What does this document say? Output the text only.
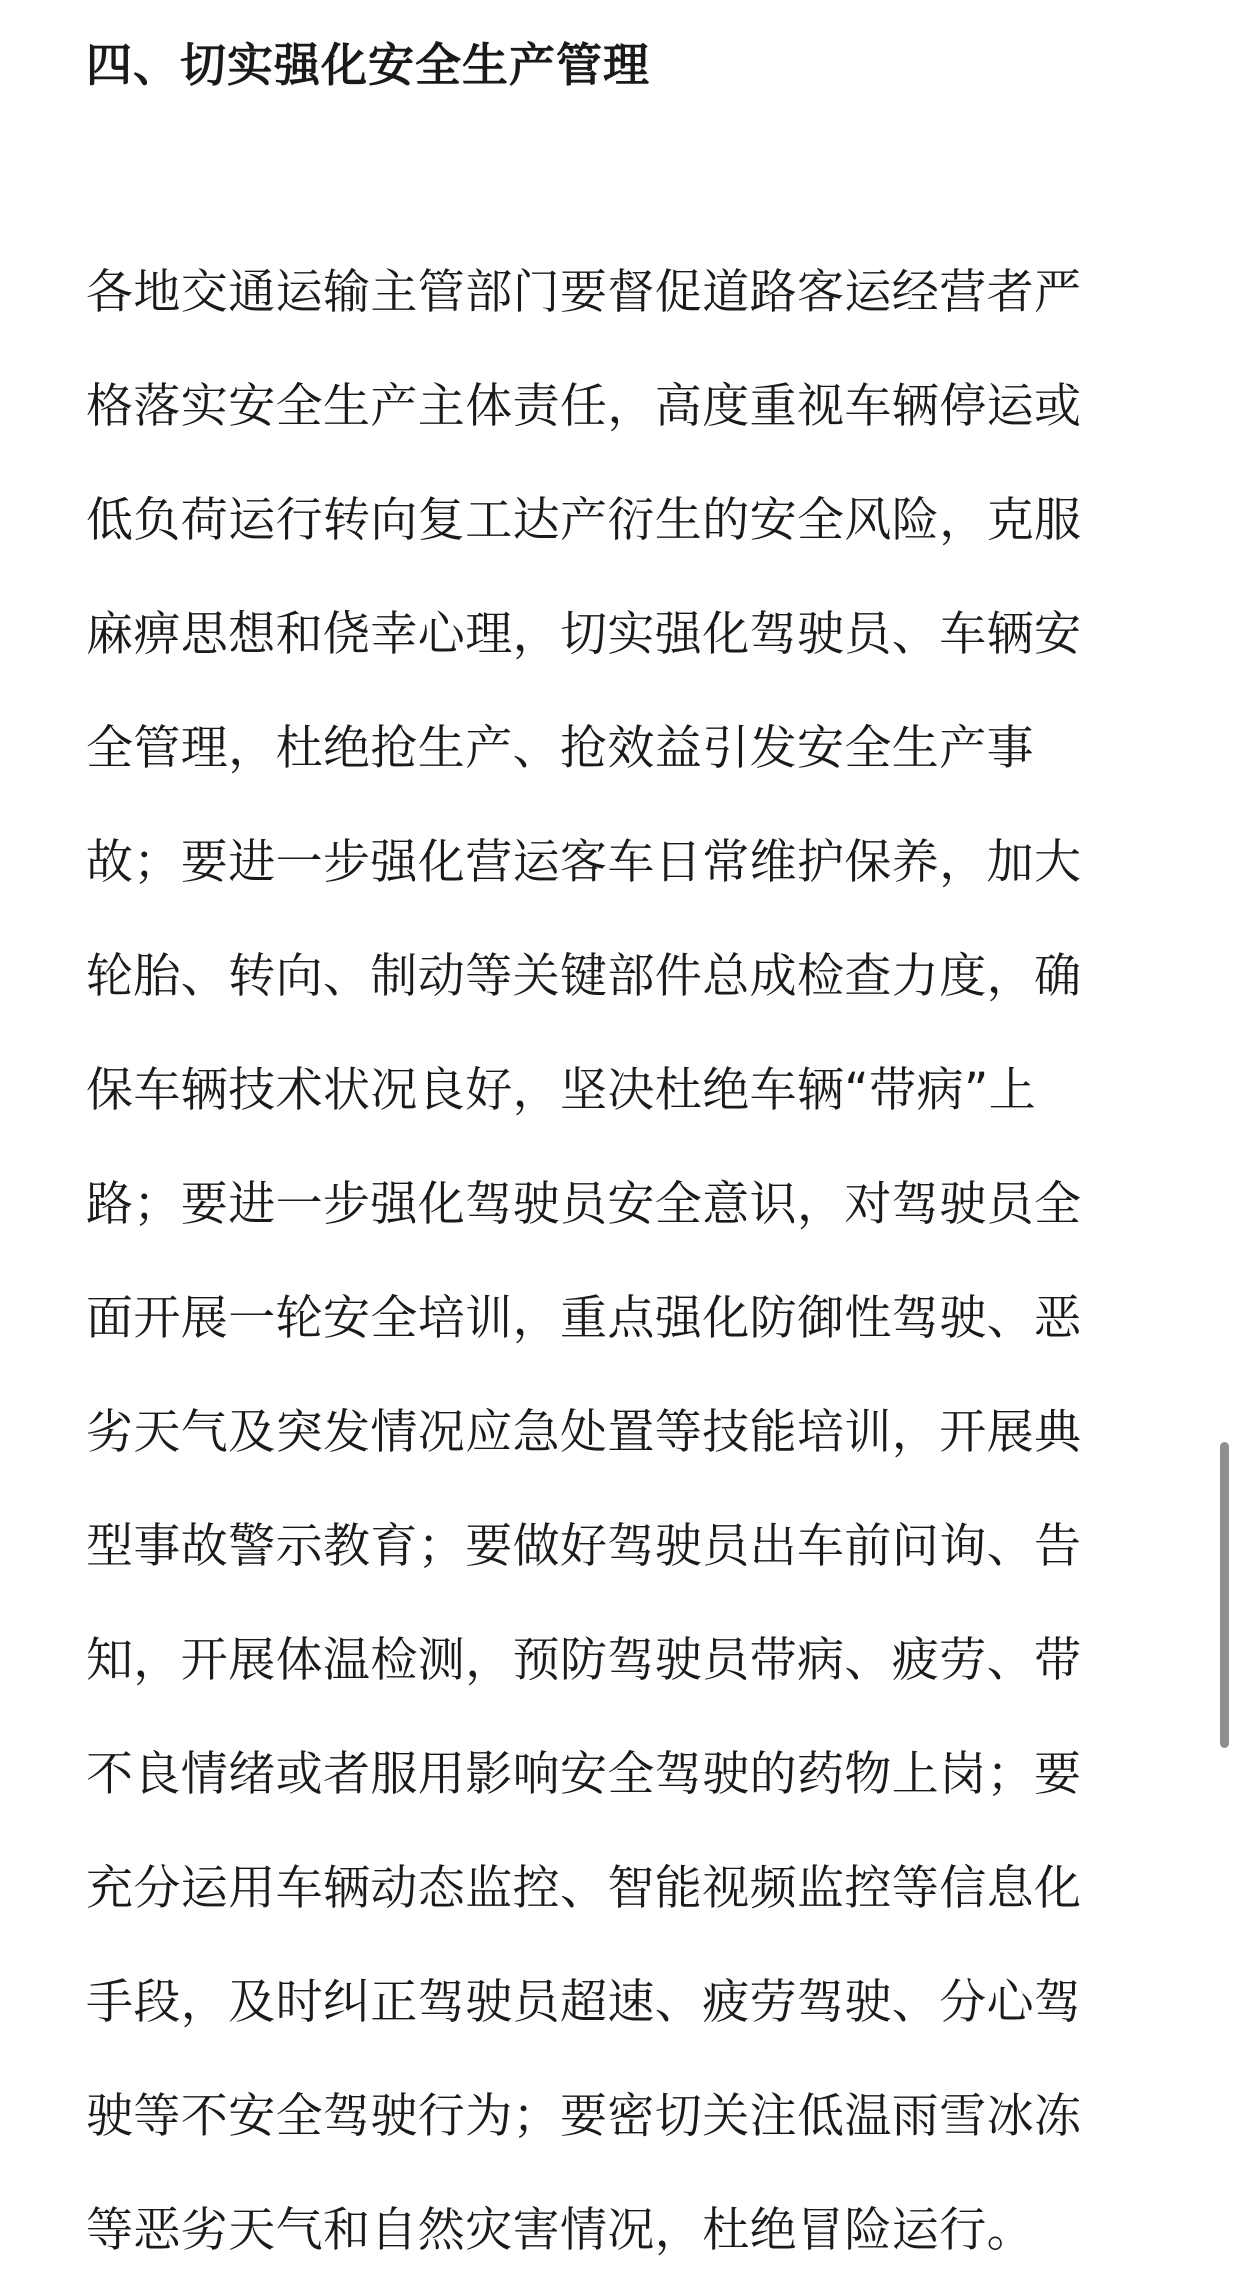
四、切实强化安全生产管理

各地交通运输主管部门要督促道路客运经营者严
格落实安全生产主体责任，高度重视车辆停运或
低负荷运行转向复工达产衍生的安全风险，克服
麻痹思想和侥幸心理，切实强化驾驶员、车辆安
全管理，杜绝抢生产、抢效益引发安全生产事
故；要进一步强化营运客车日常维护保养，加大
轮胎、转向、制动等关键部件总成检查力度，确
保车辆技术状况良好，坚决杜绝车辆“带病”上
路；要进一步强化驾驶员安全意识，对驾驶员全
面开展一轮安全培训，重点强化防御性驾驶、恶
劣天气及突发情况应急处置等技能培训，开展典
型事故警示教育；要做好驾驶员出车前问询、告
知，开展体温检测，预防驾驶员带病、疲劳、带
不良情绪或者服用影响安全驾驶的药物上岗；要
充分运用车辆动态监控、智能视频监控等信息化
手段，及时纠正驾驶员超速、疲劳驾驶、分心驾
驶等不安全驾驶行为；要密切关注低温雨雪冰冻
等恶劣天气和自然灾害情况，杜绝冒险运行。
